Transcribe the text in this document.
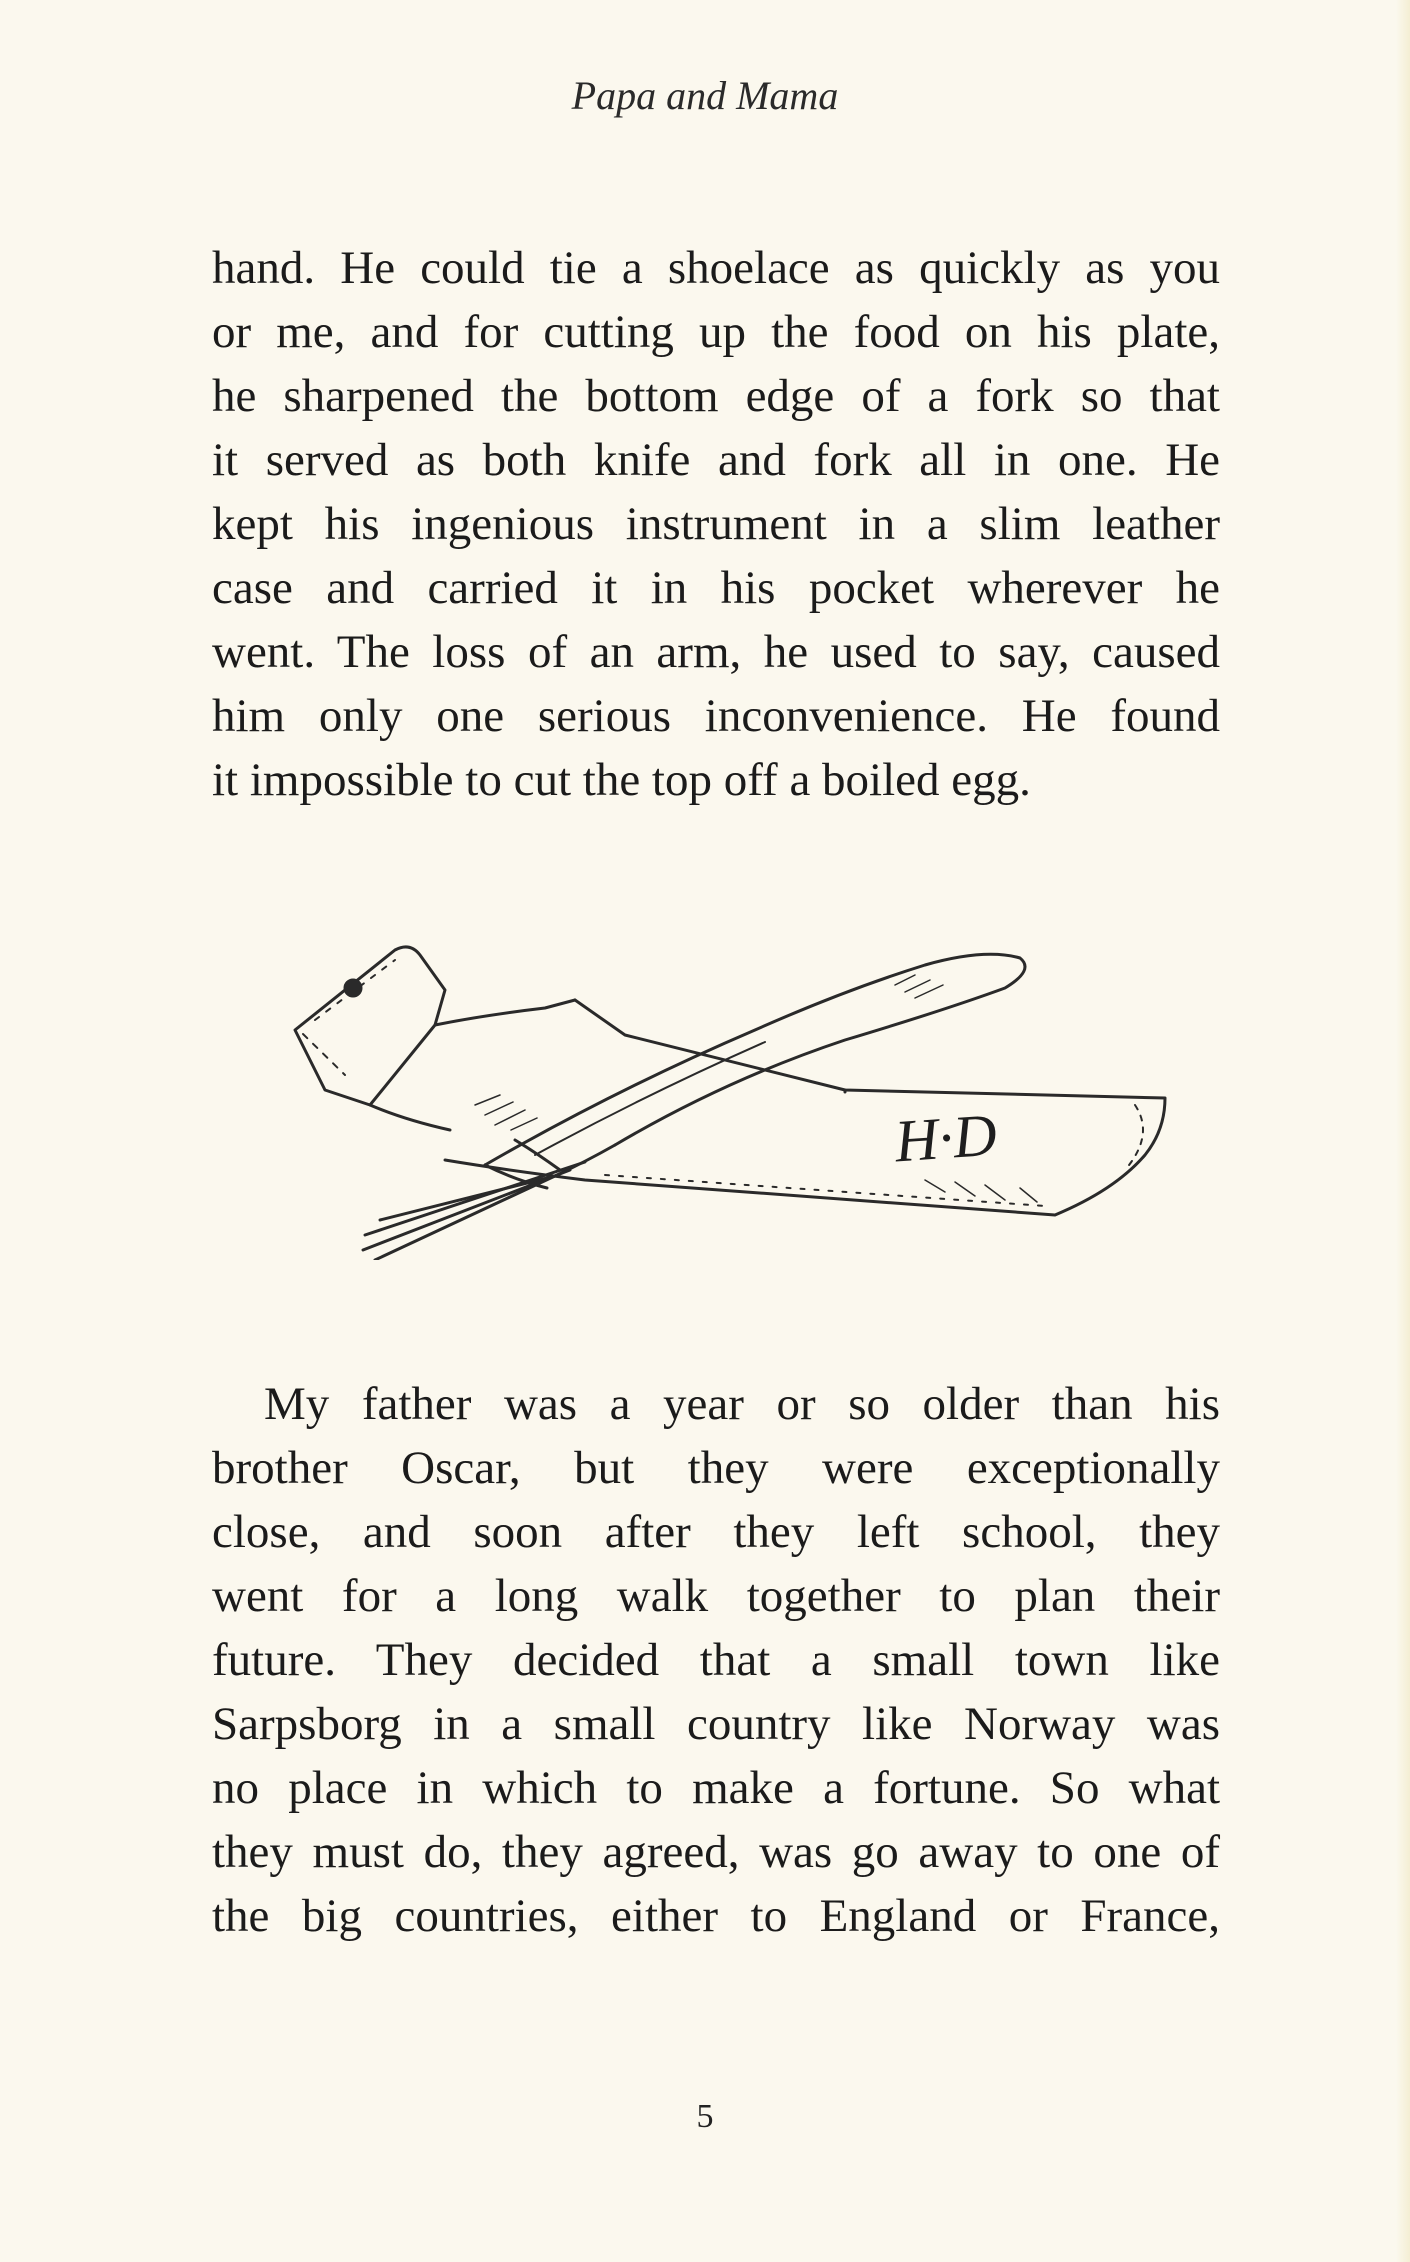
Papa and Mama
hand. He could tie a shoelace as quickly as you
or me, and for cutting up the food on his plate,
he sharpened the bottom edge of a fork so that
it served as both knife and fork all in one. He
kept his ingenious instrument in a slim leather
case and carried it in his pocket wherever he
went. The loss of an arm, he used to say, caused
him only one serious inconvenience. He found
it impossible to cut the top off a boiled egg.
H·D
My father was a year or so older than his
brother Oscar, but they were exceptionally
close, and soon after they left school, they
went for a long walk together to plan their
future. They decided that a small town like
Sarpsborg in a small country like Norway was
no place in which to make a fortune. So what
they must do, they agreed, was go away to one of
the big countries, either to England or France,
5
